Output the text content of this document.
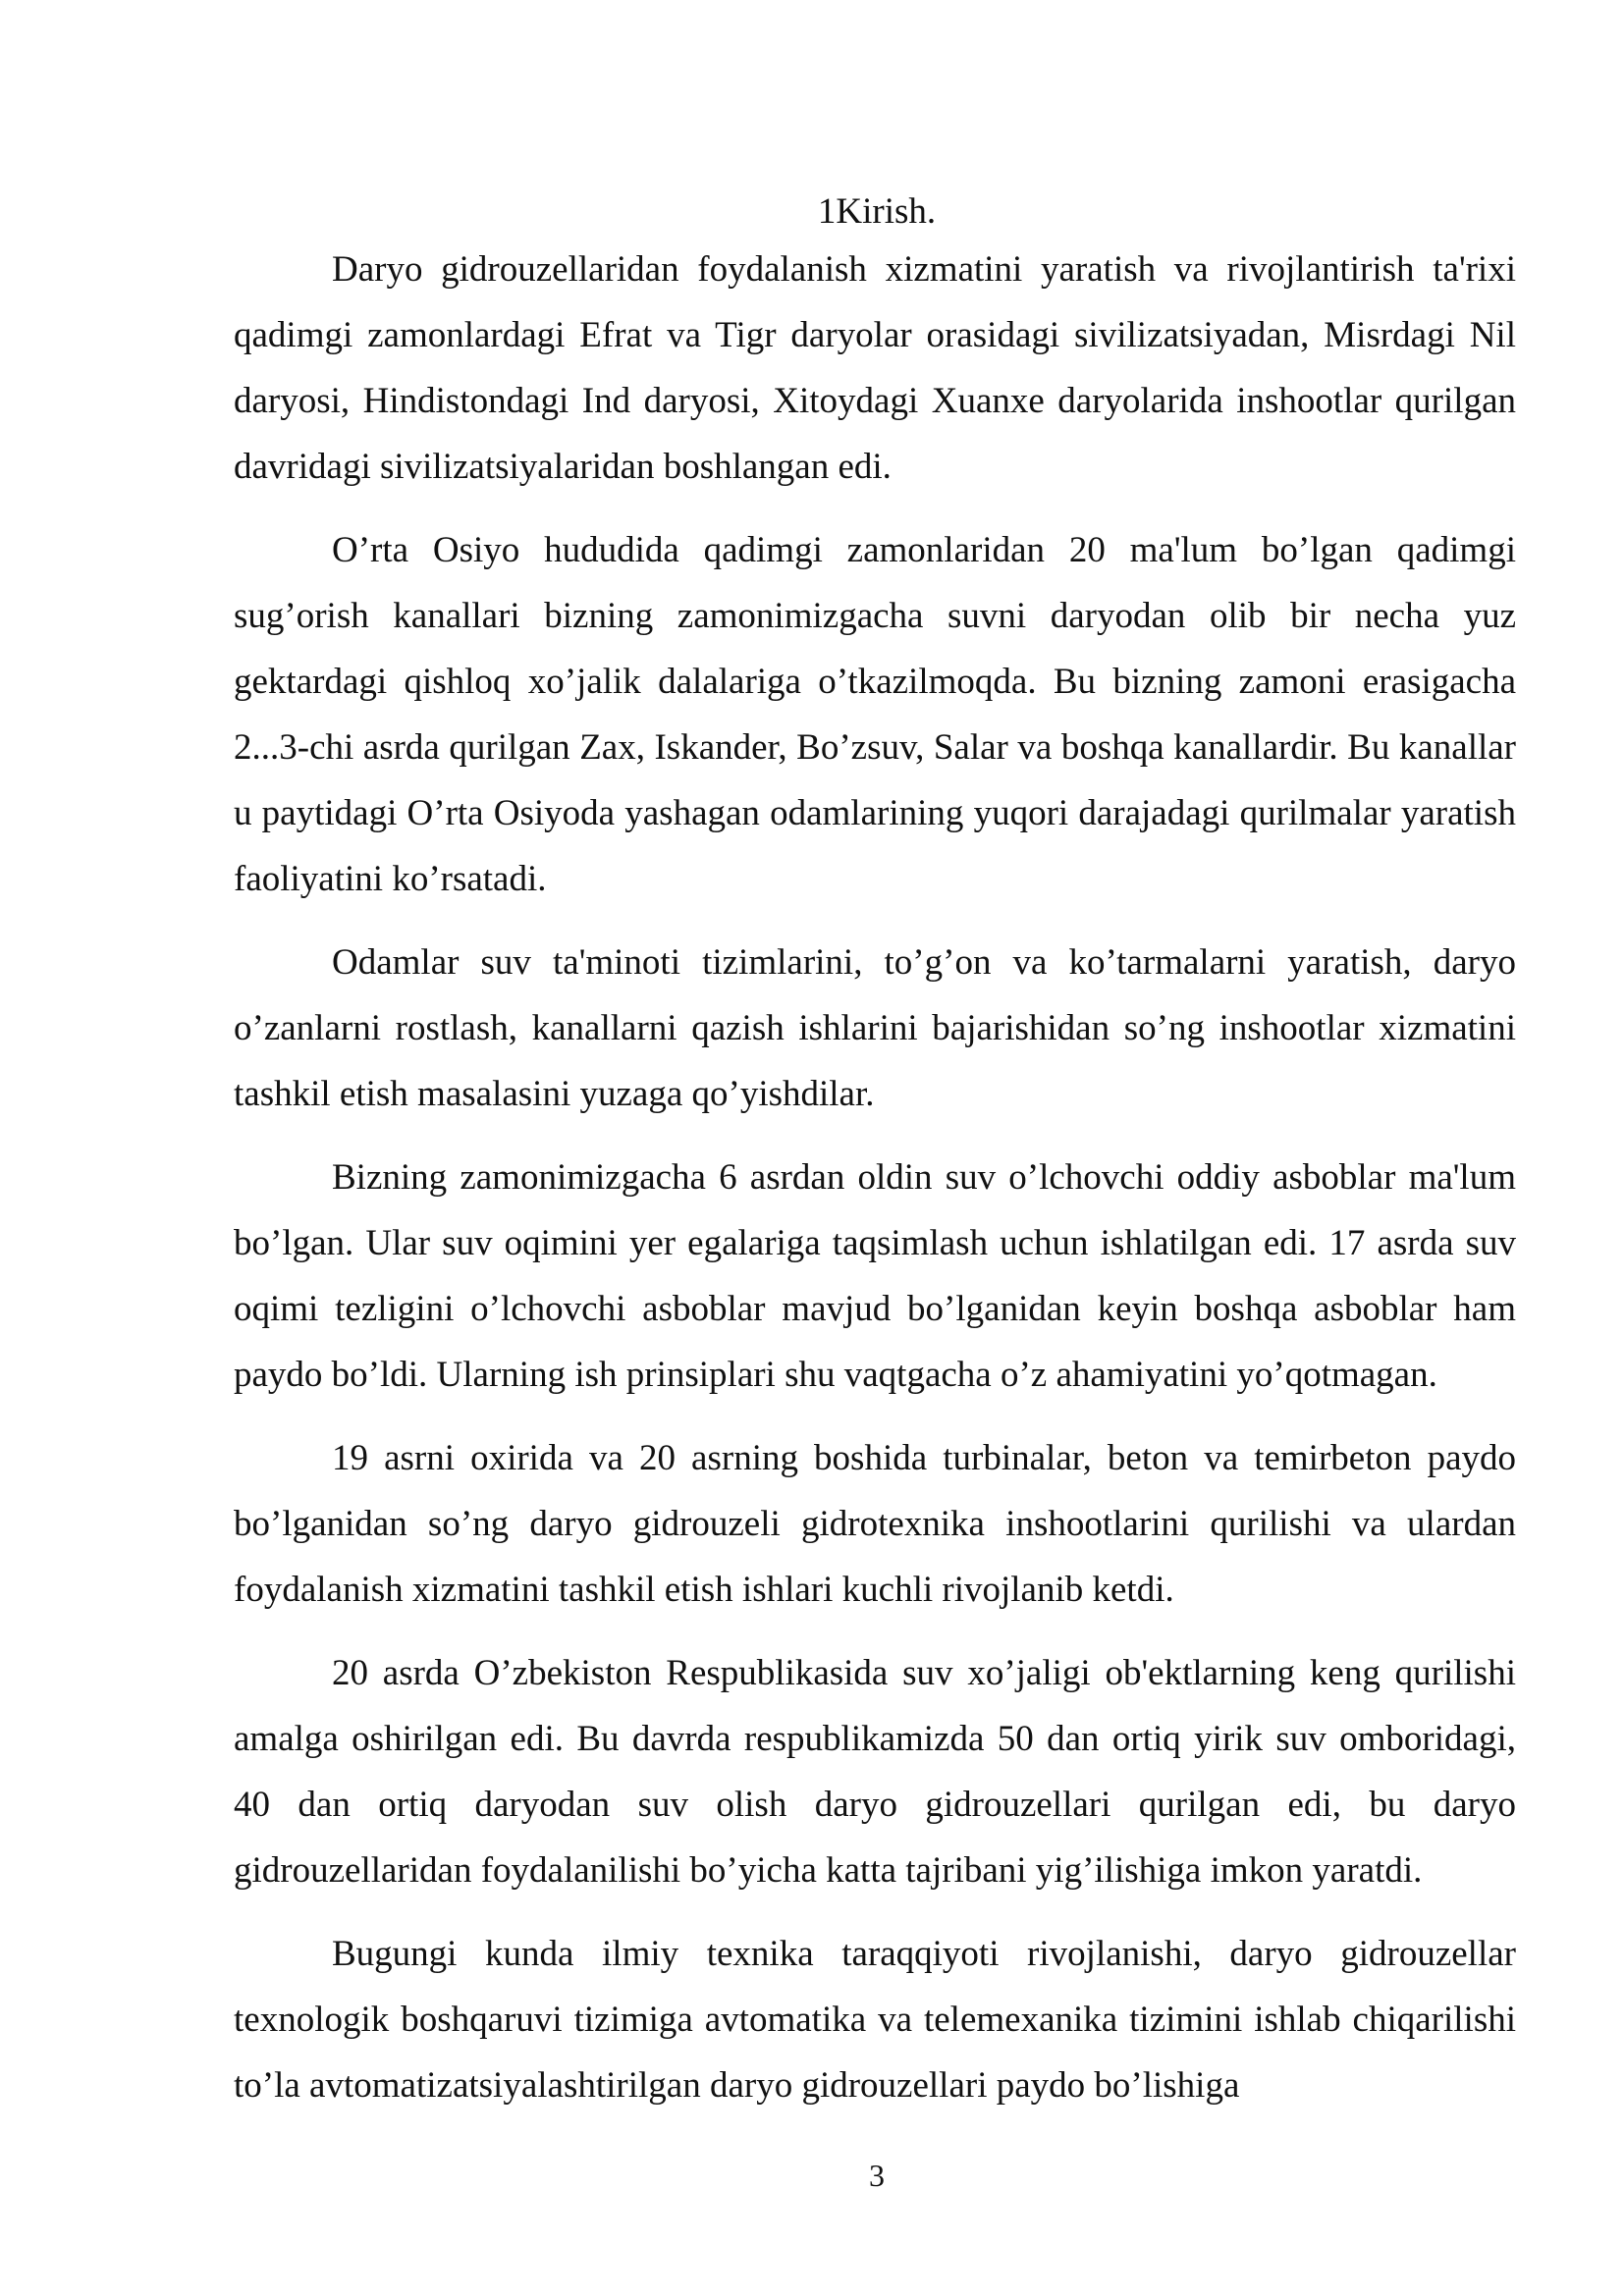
1Kirish.

Daryo gidrouzellaridan foydalanish xizmatini yaratish va rivojlantirish ta'rixi qadimgi zamonlardagi Efrat va Tigr daryolar orasidagi sivilizatsiyadan, Misrdagi Nil daryosi, Hindistondagi Ind daryosi, Xitoydagi Xuanxe daryolarida inshootlar qurilgan davridagi sivilizatsiyalaridan boshlangan edi.

O’rta Osiyo hududida qadimgi zamonlaridan 20 ma'lum bo’lgan qadimgi sug’orish kanallari bizning zamonimizgacha suvni daryodan olib bir necha yuz gektardagi qishloq xo’jalik dalalariga o’tkazilmoqda. Bu bizning zamoni erasigacha 2...3-chi asrda qurilgan Zax, Iskander, Bo’zsuv, Salar va boshqa kanallardir. Bu kanallar u paytidagi O’rta Osiyoda yashagan odamlarining yuqori darajadagi qurilmalar yaratish faoliyatini ko’rsatadi.

Odamlar suv ta'minoti tizimlarini, to’g’on va ko’tarmalarni yaratish, daryo o’zanlarni rostlash, kanallarni qazish ishlarini bajarishidan so’ng inshootlar xizmatini tashkil etish masalasini yuzaga qo’yishdilar.

Bizning zamonimizgacha 6 asrdan oldin suv o’lchovchi oddiy asboblar ma'lum bo’lgan. Ular suv oqimini yer egalariga taqsimlash uchun ishlatilgan edi. 17 asrda suv oqimi tezligini o’lchovchi asboblar mavjud bo’lganidan keyin boshqa asboblar ham paydo bo’ldi. Ularning ish prinsiplari shu vaqtgacha o’z ahamiyatini yo’qotmagan.

19 asrni oxirida va 20 asrning boshida turbinalar, beton va temirbeton paydo bo’lganidan so’ng daryo gidrouzeli gidrotexnika inshootlarini qurilishi va ulardan foydalanish xizmatini tashkil etish ishlari kuchli rivojlanib ketdi.

20 asrda O’zbekiston Respublikasida suv xo’jaligi ob'ektlarning keng qurilishi amalga oshirilgan edi. Bu davrda respublikamizda 50 dan ortiq yirik suv omboridagi, 40 dan ortiq daryodan suv olish daryo gidrouzellari qurilgan edi, bu daryo gidrouzellaridan foydalanilishi bo’yicha katta tajribani yig’ilishiga imkon yaratdi.

Bugungi kunda ilmiy texnika taraqqiyoti rivojlanishi, daryo gidrouzellar texnologik boshqaruvi tizimiga avtomatika va telemexanika tizimini ishlab chiqarilishi to’la avtomatizatsiyalashtirilgan daryo gidrouzellari paydo bo’lishiga

3
